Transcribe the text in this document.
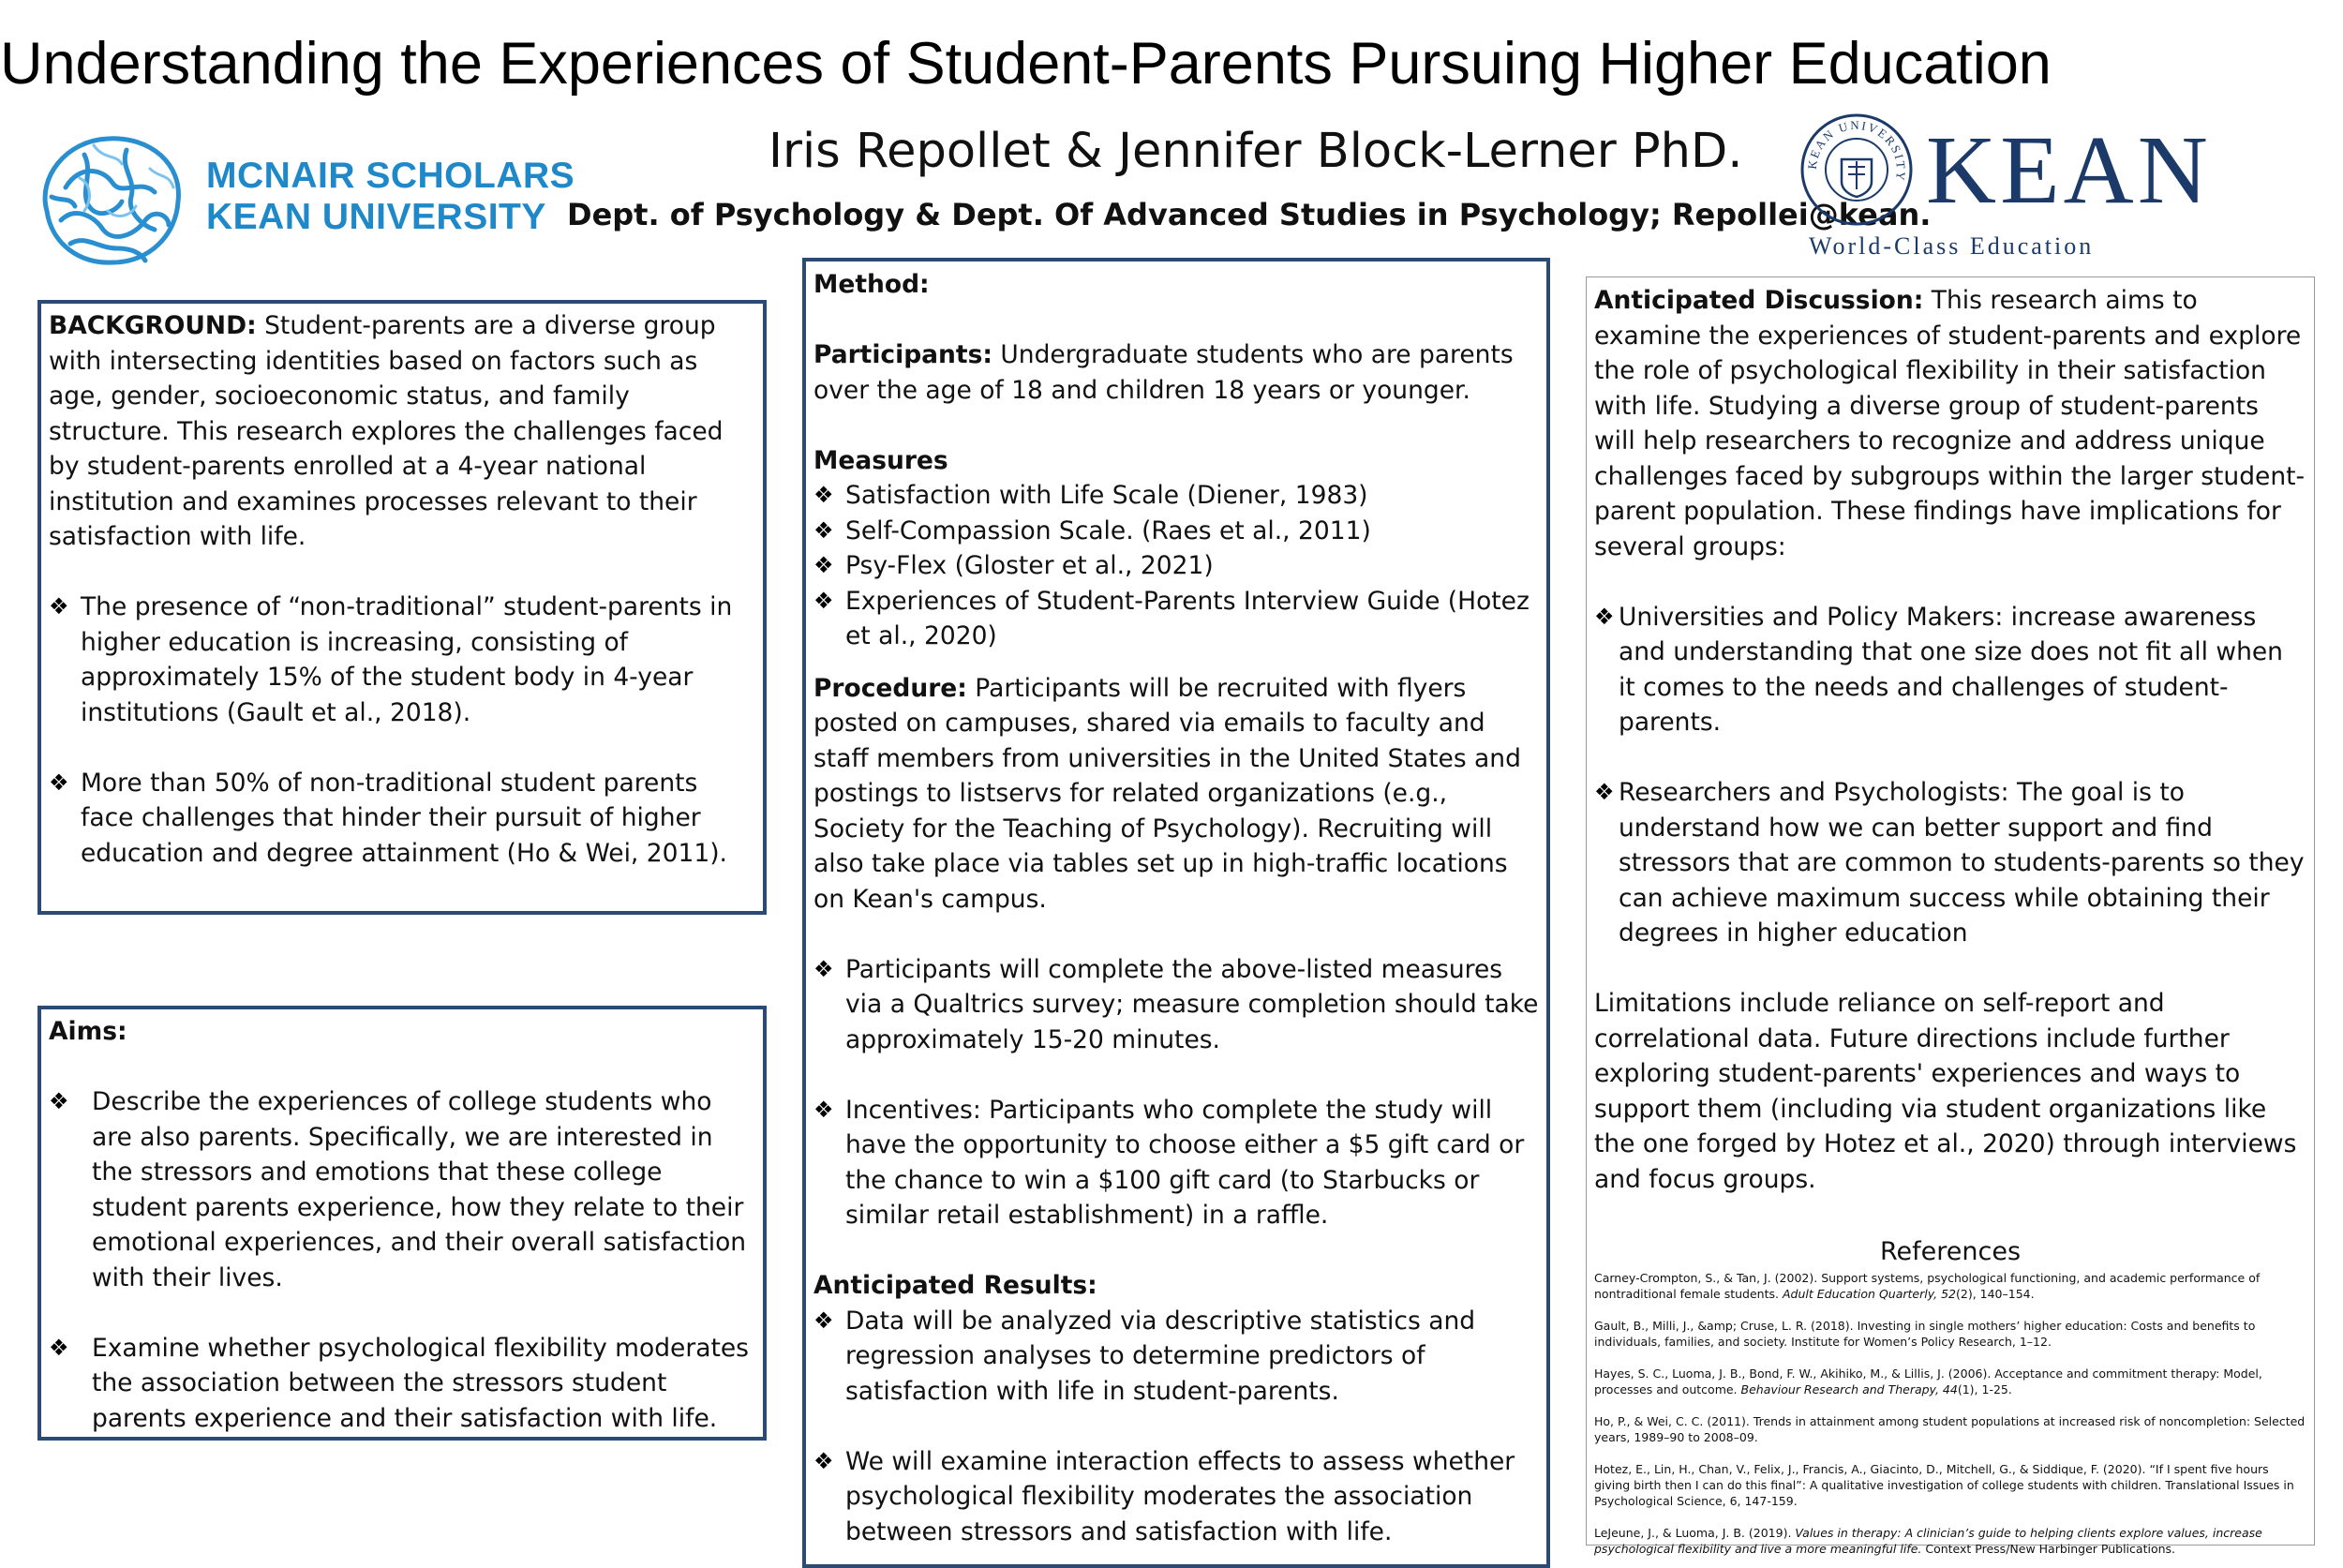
Understanding the Experiences of Student-Parents Pursuing Higher Education
Iris Repollet & Jennifer Block-Lerner PhD.
Dept. of Psychology & Dept. Of Advanced Studies in Psychology; Repollei@kean.
MCNAIR SCHOLARS
KEAN UNIVERSITY
KEAN UNIVERSITY KEAN
World-Class Education
BACKGROUND: Student-parents are a diverse group with intersecting identities based on factors such as age, gender, socioeconomic status, and family structure. This research explores the challenges faced by student-parents enrolled at a 4-year national institution and examines processes relevant to their satisfaction with life.
❖ The presence of “non-traditional” student-parents in higher education is increasing, consisting of approximately 15% of the student body in 4-year institutions (Gault et al., 2018).
❖ More than 50% of non-traditional student parents face challenges that hinder their pursuit of higher education and degree attainment (Ho & Wei, 2011).
Aims:
❖ Describe the experiences of college students who are also parents. Specifically, we are interested in the stressors and emotions that these college student parents experience, how they relate to their emotional experiences, and their overall satisfaction with their lives.
❖ Examine whether psychological flexibility moderates the association between the stressors student parents experience and their satisfaction with life.
Method:
Participants: Undergraduate students who are parents over the age of 18 and children 18 years or younger.
Measures
❖ Satisfaction with Life Scale (Diener, 1983)
❖ Self-Compassion Scale. (Raes et al., 2011)
❖ Psy-Flex (Gloster et al., 2021)
❖ Experiences of Student-Parents Interview Guide (Hotez et al., 2020)
Procedure: Participants will be recruited with flyers posted on campuses, shared via emails to faculty and staff members from universities in the United States and postings to listservs for related organizations (e.g., Society for the Teaching of Psychology). Recruiting will also take place via tables set up in high-traffic locations on Kean's campus.
❖ Participants will complete the above-listed measures via a Qualtrics survey; measure completion should take approximately 15-20 minutes.
❖ Incentives: Participants who complete the study will have the opportunity to choose either a $5 gift card or the chance to win a $100 gift card (to Starbucks or similar retail establishment) in a raffle.
Anticipated Results:
❖ Data will be analyzed via descriptive statistics and regression analyses to determine predictors of satisfaction with life in student-parents.
❖ We will examine interaction effects to assess whether psychological flexibility moderates the association between stressors and satisfaction with life.
Anticipated Discussion: This research aims to examine the experiences of student-parents and explore the role of psychological flexibility in their satisfaction with life. Studying a diverse group of student-parents will help researchers to recognize and address unique challenges faced by subgroups within the larger student-parent population. These findings have implications for several groups:
❖ Universities and Policy Makers: increase awareness and understanding that one size does not fit all when it comes to the needs and challenges of student-parents.
❖ Researchers and Psychologists: The goal is to understand how we can better support and find stressors that are common to students-parents so they can achieve maximum success while obtaining their degrees in higher education
Limitations include reliance on self-report and correlational data. Future directions include further exploring student-parents' experiences and ways to support them (including via student organizations like the one forged by Hotez et al., 2020) through interviews and focus groups.
References
Carney-Crompton, S., & Tan, J. (2002). Support systems, psychological functioning, and academic performance of nontraditional female students. Adult Education Quarterly, 52(2), 140–154.
Gault, B., Milli, J., &amp; Cruse, L. R. (2018). Investing in single mothers’ higher education: Costs and benefits to individuals, families, and society. Institute for Women’s Policy Research, 1–12.
Hayes, S. C., Luoma, J. B., Bond, F. W., Akihiko, M., & Lillis, J. (2006). Acceptance and commitment therapy: Model, processes and outcome. Behaviour Research and Therapy, 44(1), 1-25.
Ho, P., & Wei, C. C. (2011). Trends in attainment among student populations at increased risk of noncompletion: Selected years, 1989–90 to 2008–09.
Hotez, E., Lin, H., Chan, V., Felix, J., Francis, A., Giacinto, D., Mitchell, G., & Siddique, F. (2020). “If I spent five hours giving birth then I can do this final”: A qualitative investigation of college students with children. Translational Issues in Psychological Science, 6, 147-159.
LeJeune, J., & Luoma, J. B. (2019). Values in therapy: A clinician’s guide to helping clients explore values, increase psychological flexibility and live a more meaningful life. Context Press/New Harbinger Publications.
